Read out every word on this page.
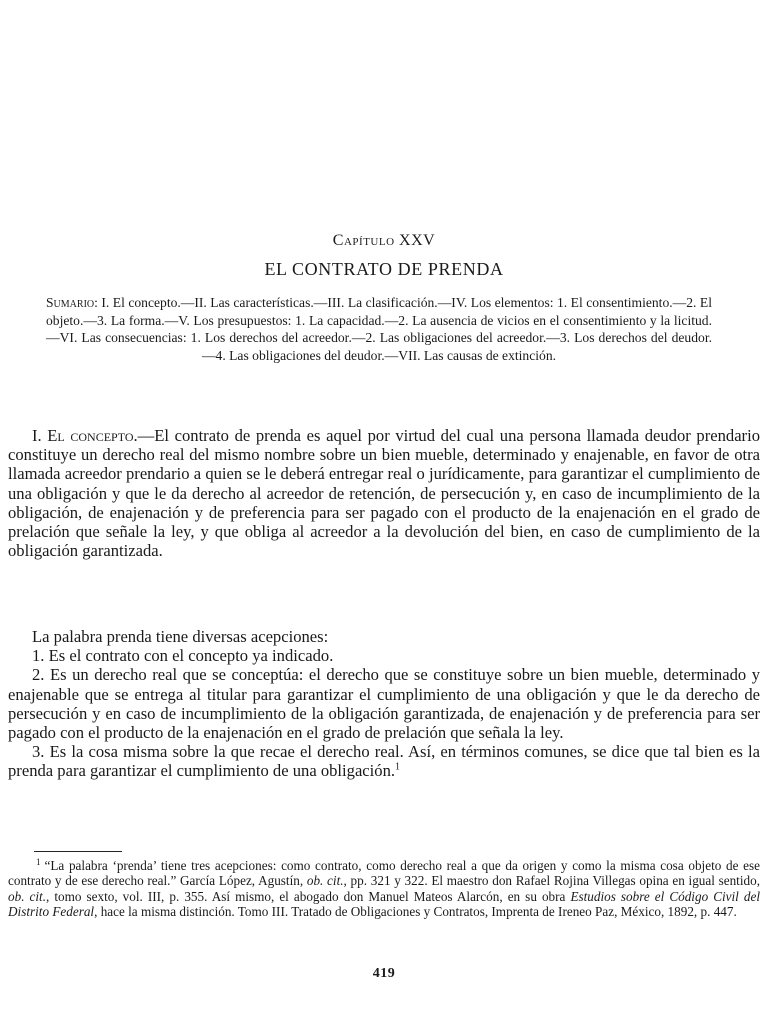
Capítulo XXV
EL CONTRATO DE PRENDA
Sumario: I. El concepto.—II. Las características.—III. La clasificación.—IV. Los elementos: 1. El consentimiento.—2. El objeto.—3. La forma.—V. Los presupuestos: 1. La capacidad.—2. La ausencia de vicios en el consentimiento y la licitud.—VI. Las consecuencias: 1. Los derechos del acreedor.—2. Las obligaciones del acreedor.—3. Los derechos del deudor.—4. Las obligaciones del deudor.—VII. Las causas de extinción.

I. El concepto.—El contrato de prenda es aquel por virtud del cual una persona llamada deudor prendario constituye un derecho real del mismo nombre sobre un bien mueble, determinado y enajenable, en favor de otra llamada acreedor prendario a quien se le deberá entregar real o jurídicamente, para garantizar el cumplimiento de una obligación y que le da derecho al acreedor de retención, de persecución y, en caso de incumplimiento de la obligación, de enajenación y de preferencia para ser pagado con el producto de la enajenación en el grado de prelación que señale la ley, y que obliga al acreedor a la devolución del bien, en caso de cumplimiento de la obligación garantizada.

La palabra prenda tiene diversas acepciones:

1. Es el contrato con el concepto ya indicado.

2. Es un derecho real que se conceptúa: el derecho que se constituye sobre un bien mueble, determinado y enajenable que se entrega al titular para garantizar el cumplimiento de una obligación y que le da derecho de persecución y en caso de incumplimiento de la obligación garantizada, de enajenación y de preferencia para ser pagado con el producto de la enajenación en el grado de prelación que señala la ley.

3. Es la cosa misma sobre la que recae el derecho real. Así, en términos comunes, se dice que tal bien es la prenda para garantizar el cumplimiento de una obligación.$^1$

$^1$ “La palabra ‘prenda’ tiene tres acepciones: como contrato, como derecho real a que da origen y como la misma cosa objeto de ese contrato y de ese derecho real.” García López, Agustín, ob. cit., pp. 321 y 322. El maestro don Rafael Rojina Villegas opina en igual sentido, ob. cit., tomo sexto, vol. III, p. 355. Así mismo, el abogado don Manuel Mateos Alarcón, en su obra Estudios sobre el Código Civil del Distrito Federal, hace la misma distinción. Tomo III. Tratado de Obligaciones y Contratos, Imprenta de Ireneo Paz, México, 1892, p. 447.

419
